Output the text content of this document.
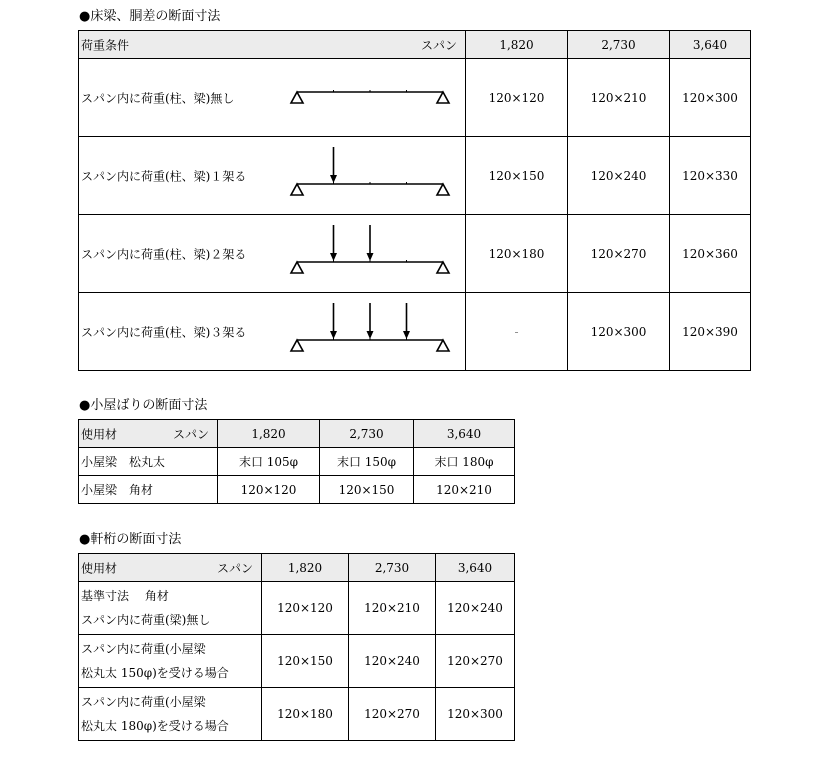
●床梁、胴差の断面寸法
荷重条件 スパン	1,820	2,730	3,640

スパン内に荷重(柱、梁)無し	120×120	120×210	120×300

スパン内に荷重(柱、梁)１架る	120×150	120×240	120×330

スパン内に荷重(柱、梁)２架る	120×180	120×270	120×360

スパン内に荷重(柱、梁)３架る	-	120×300	120×390
●小屋ばりの断面寸法
使用材 スパン	1,820	2,730	3,640
小屋梁　松丸太	末口 105φ	末口 150φ	末口 180φ
小屋梁　角材	120×120	120×150	120×210
●軒桁の断面寸法
使用材 スパン	1,820	2,730	3,640

基準寸法　 角材
スパン内に荷重(梁)無し	120×120	120×210	120×240

スパン内に荷重(小屋梁
松丸太 150φ)を受ける場合	120×150	120×240	120×270

スパン内に荷重(小屋梁
松丸太 180φ)を受ける場合	120×180	120×270	120×300
